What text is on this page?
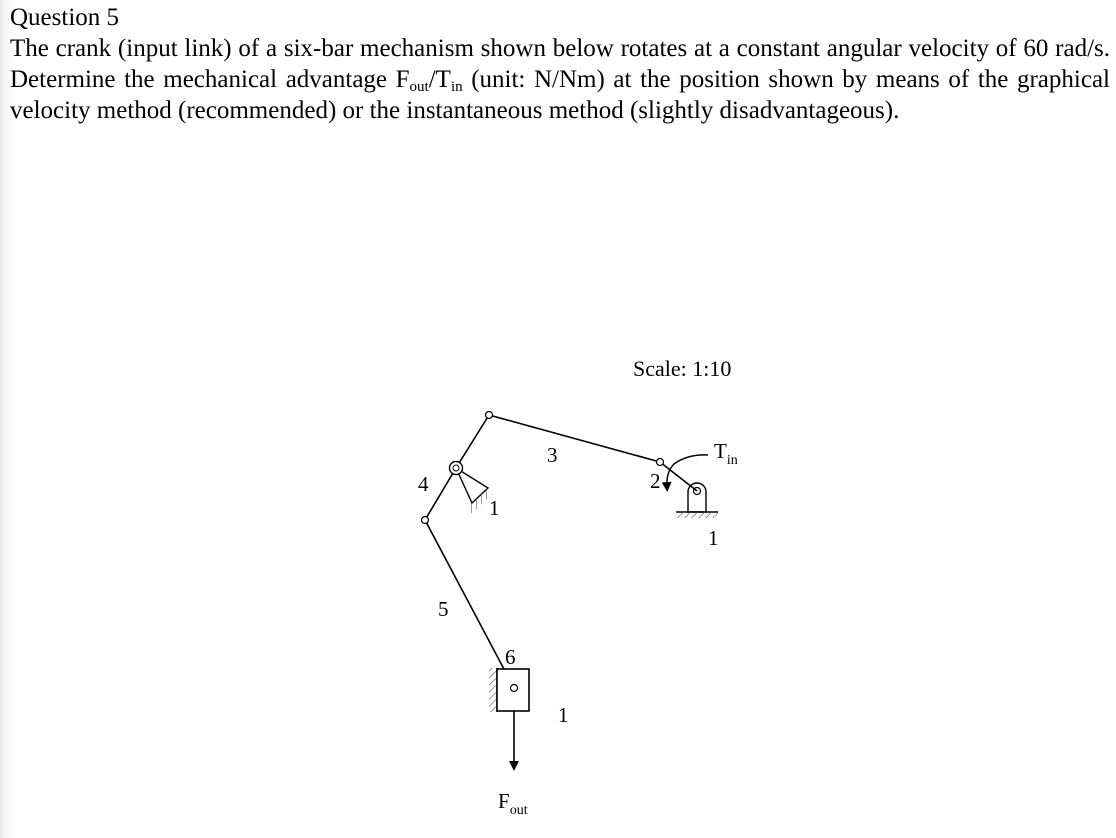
Question 5

The crank (input link) of a six-bar mechanism shown below rotates at a constant angular velocity of 60 rad/s. Determine the mechanical advantage $F_{out}/T_{in}$ (unit: N/Nm) at the position shown by means of the graphical velocity method (recommended) or the instantaneous method (slightly disadvantageous).

Scale: 1:10
3
4
5
1
1
2
Tin
6
1
Fout
